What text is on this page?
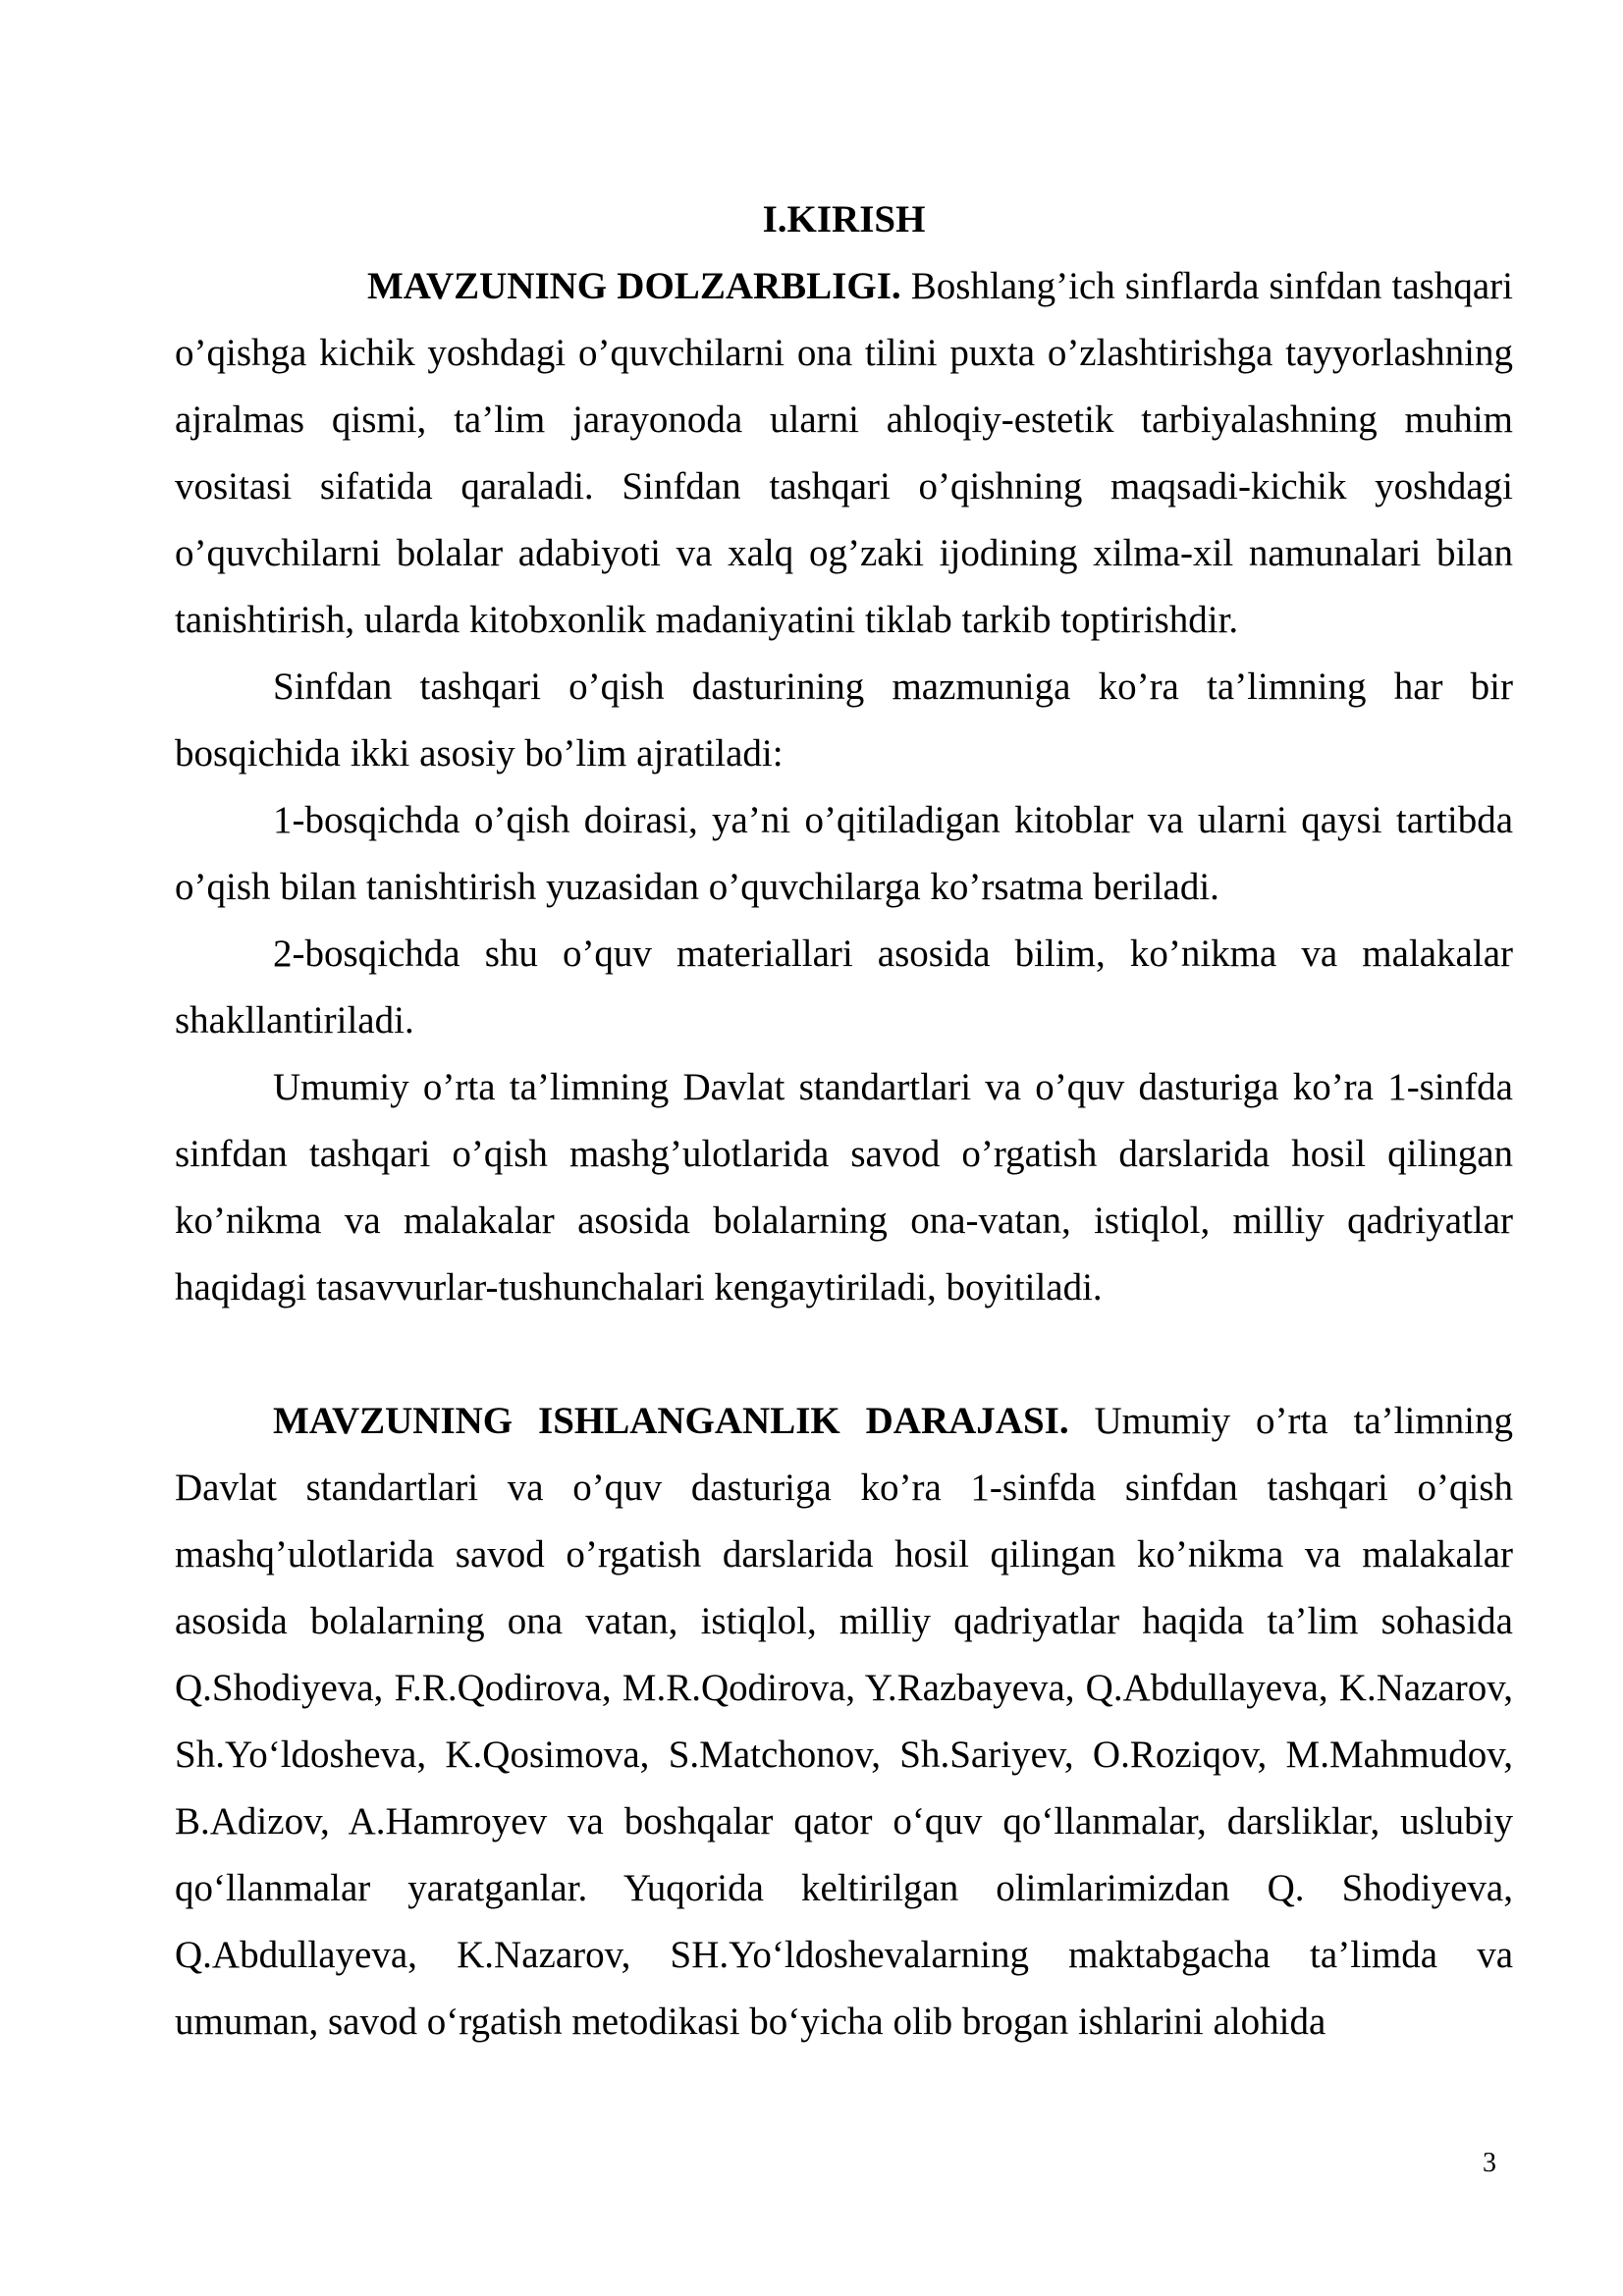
I.KIRISH

MAVZUNING DOLZARBLIGI. Boshlang’ich sinflarda sinfdan tashqari o’qishga kichik yoshdagi o’quvchilarni ona tilini puxta o’zlashtirishga tayyorlashning ajralmas qismi, ta’lim jarayonoda ularni ahloqiy-estetik tarbiyalashning muhim vositasi sifatida qaraladi. Sinfdan tashqari o’qishning maqsadi-kichik yoshdagi o’quvchilarni bolalar adabiyoti va xalq og’zaki ijodining xilma-xil namunalari bilan tanishtirish, ularda kitobxonlik madaniyatini tiklab tarkib toptirishdir.

Sinfdan tashqari o’qish dasturining mazmuniga ko’ra ta’limning har bir bosqichida ikki asosiy bo’lim ajratiladi:

1-bosqichda o’qish doirasi, ya’ni o’qitiladigan kitoblar va ularni qaysi tartibda o’qish bilan tanishtirish yuzasidan o’quvchilarga ko’rsatma beriladi.

2-bosqichda shu o’quv materiallari asosida bilim, ko’nikma va malakalar shakllantiriladi.

Umumiy o’rta ta’limning Davlat standartlari va o’quv dasturiga ko’ra 1-sinfda sinfdan tashqari o’qish mashg’ulotlarida savod o’rgatish darslarida hosil qilingan ko’nikma va malakalar asosida bolalarning ona-vatan, istiqlol, milliy qadriyatlar haqidagi tasavvurlar-tushunchalari kengaytiriladi, boyitiladi.

MAVZUNING ISHLANGANLIK DARAJASI. Umumiy o’rta ta’limning Davlat standartlari va o’quv dasturiga ko’ra 1-sinfda sinfdan tashqari o’qish mashq’ulotlarida savod o’rgatish darslarida hosil qilingan ko’nikma va malakalar asosida bolalarning ona vatan, istiqlol, milliy qadriyatlar haqida ta’lim sohasida Q.Shodiyeva, F.R.Qodirova, M.R.Qodirova, Y.Razbayeva, Q.Abdullayeva, K.Nazarov, Sh.Yo‘ldosheva, K.Qosimova, S.Matchonov, Sh.Sariyev, O.Roziqov, M.Mahmudov, B.Adizov, A.Hamroyev va boshqalar qator o‘quv qo‘llanmalar, darsliklar, uslubiy qo‘llanmalar yaratganlar. Yuqorida keltirilgan olimlarimizdan Q. Shodiyeva, Q.Abdullayeva, K.Nazarov, SH.Yo‘ldoshevalarning maktabgacha ta’limda va umuman, savod o‘rgatish metodikasi bo‘yicha olib brogan ishlarini alohida

3
